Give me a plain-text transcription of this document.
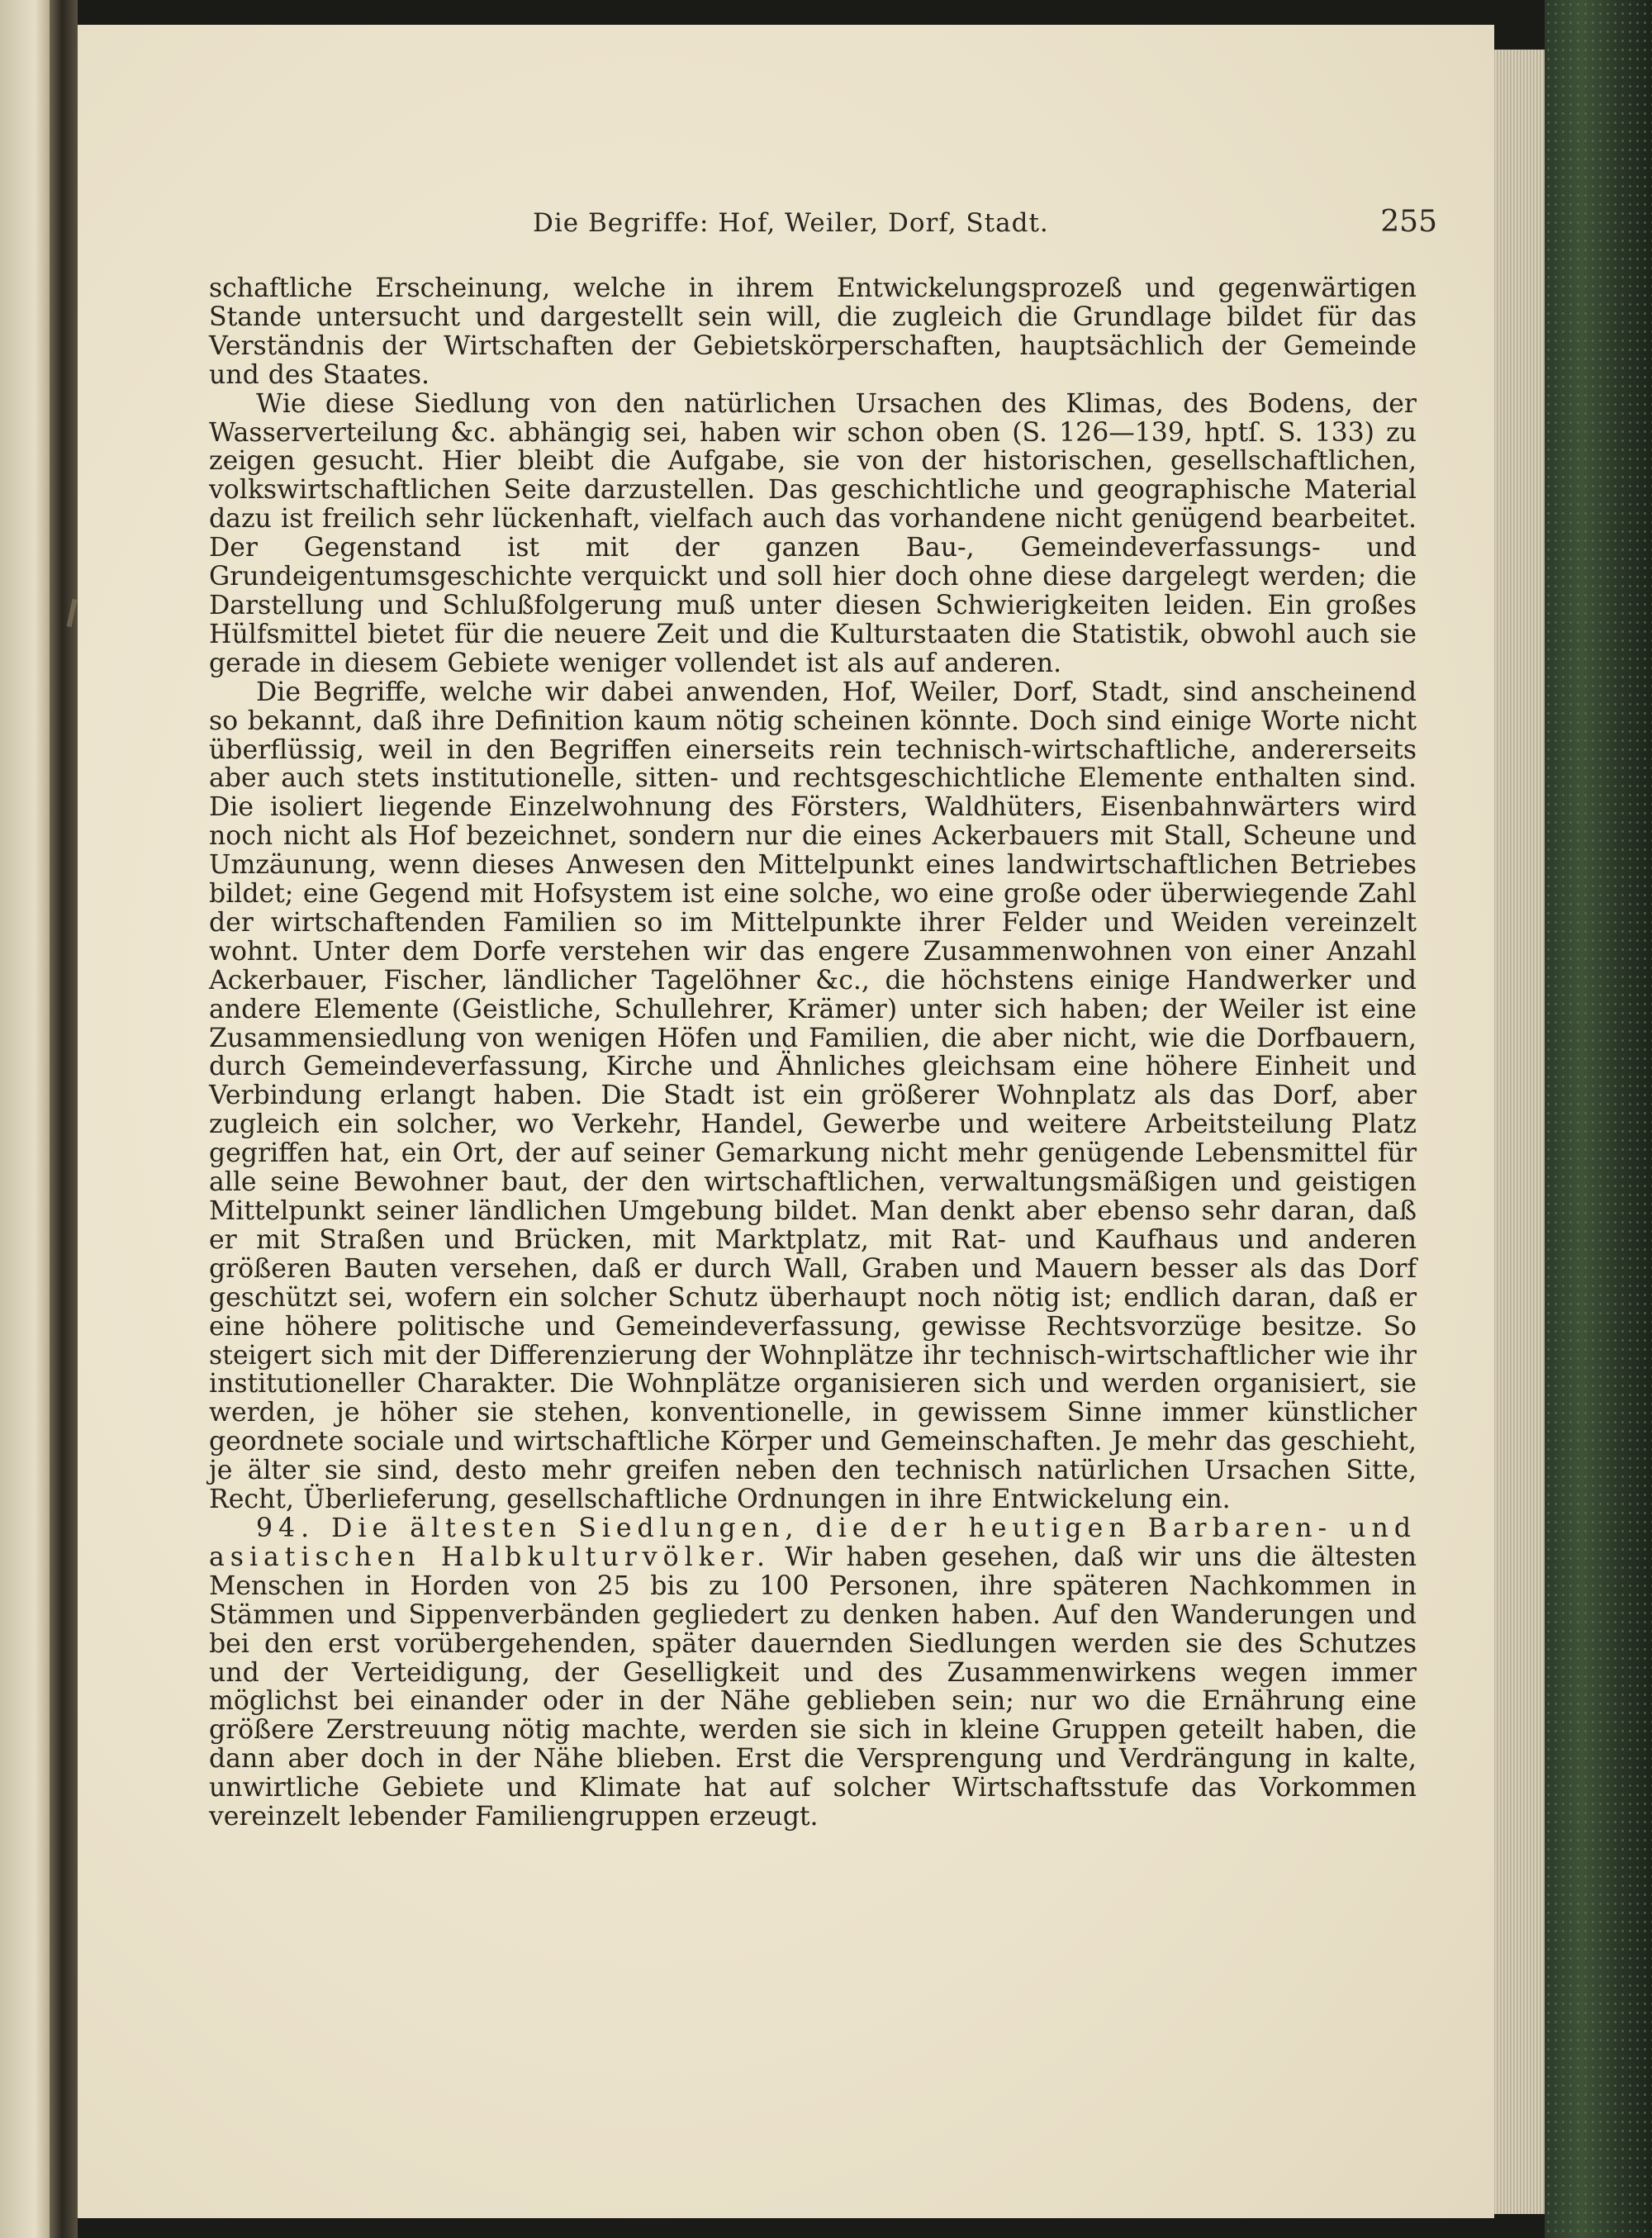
Die Begriffe: Hof, Weiler, Dorf, Stadt.	255

schaftliche Erscheinung, welche in ihrem Entwickelungsprozeß und gegenwärtigen Stande untersucht und dargestellt sein will, die zugleich die Grundlage bildet für das Verständnis der Wirtschaften der Gebietskörperschaften, hauptsächlich der Gemeinde und des Staates.

Wie diese Siedlung von den natürlichen Ursachen des Klimas, des Bodens, der Wasserverteilung &c. abhängig sei, haben wir schon oben (S. 126—139, hptſ. S. 133) zu zeigen gesucht. Hier bleibt die Aufgabe, sie von der historischen, gesellschaftlichen, volkswirtschaftlichen Seite darzustellen. Das geschichtliche und geographische Material dazu ist freilich sehr lückenhaft, vielfach auch das vorhandene nicht genügend bearbeitet. Der Gegenstand ist mit der ganzen Bau-, Gemeindeverfassungs- und Grundeigentumsgeschichte verquickt und soll hier doch ohne diese dargelegt werden; die Darstellung und Schlußfolgerung muß unter diesen Schwierigkeiten leiden. Ein großes Hülfsmittel bietet für die neuere Zeit und die Kulturstaaten die Statistik, obwohl auch sie gerade in diesem Gebiete weniger vollendet ist als auf anderen.

Die Begriffe, welche wir dabei anwenden, Hof, Weiler, Dorf, Stadt, sind anscheinend so bekannt, daß ihre Definition kaum nötig scheinen könnte. Doch sind einige Worte nicht überflüssig, weil in den Begriffen einerseits rein technisch-wirtschaftliche, andererseits aber auch stets institutionelle, sitten- und rechtsgeschichtliche Elemente enthalten sind. Die isoliert liegende Einzelwohnung des Försters, Waldhüters, Eisenbahnwärters wird noch nicht als Hof bezeichnet, sondern nur die eines Ackerbauers mit Stall, Scheune und Umzäunung, wenn dieses Anwesen den Mittelpunkt eines landwirtschaftlichen Betriebes bildet; eine Gegend mit Hofsystem ist eine solche, wo eine große oder überwiegende Zahl der wirtschaftenden Familien so im Mittelpunkte ihrer Felder und Weiden vereinzelt wohnt. Unter dem Dorfe verstehen wir das engere Zusammenwohnen von einer Anzahl Ackerbauer, Fischer, ländlicher Tagelöhner &c., die höchstens einige Handwerker und andere Elemente (Geistliche, Schullehrer, Krämer) unter sich haben; der Weiler ist eine Zusammensiedlung von wenigen Höfen und Familien, die aber nicht, wie die Dorfbauern, durch Gemeindeverfassung, Kirche und Ähnliches gleichsam eine höhere Einheit und Verbindung erlangt haben. Die Stadt ist ein größerer Wohnplatz als das Dorf, aber zugleich ein solcher, wo Verkehr, Handel, Gewerbe und weitere Arbeitsteilung Platz gegriffen hat, ein Ort, der auf seiner Gemarkung nicht mehr genügende Lebensmittel für alle seine Bewohner baut, der den wirtschaftlichen, verwaltungsmäßigen und geistigen Mittelpunkt seiner ländlichen Umgebung bildet. Man denkt aber ebenso sehr daran, daß er mit Straßen und Brücken, mit Marktplatz, mit Rat- und Kaufhaus und anderen größeren Bauten versehen, daß er durch Wall, Graben und Mauern besser als das Dorf geschützt sei, wofern ein solcher Schutz überhaupt noch nötig ist; endlich daran, daß er eine höhere politische und Gemeindeverfassung, gewisse Rechtsvorzüge besitze. So steigert sich mit der Differenzierung der Wohnplätze ihr technisch-wirtschaftlicher wie ihr institutioneller Charakter. Die Wohnplätze organisieren sich und werden organisiert, sie werden, je höher sie stehen, konventionelle, in gewissem Sinne immer künstlicher geordnete sociale und wirtschaftliche Körper und Gemeinschaften. Je mehr das geschieht, je älter sie sind, desto mehr greifen neben den technisch natürlichen Ursachen Sitte, Recht, Überlieferung, gesellschaftliche Ordnungen in ihre Entwickelung ein.

94. Die ältesten Siedlungen, die der heutigen Barbaren- und asiatischen Halbkulturvölker. Wir haben gesehen, daß wir uns die ältesten Menschen in Horden von 25 bis zu 100 Personen, ihre späteren Nachkommen in Stämmen und Sippenverbänden gegliedert zu denken haben. Auf den Wanderungen und bei den erst vorübergehenden, später dauernden Siedlungen werden sie des Schutzes und der Verteidigung, der Geselligkeit und des Zusammenwirkens wegen immer möglichst bei einander oder in der Nähe geblieben sein; nur wo die Ernährung eine größere Zerstreuung nötig machte, werden sie sich in kleine Gruppen geteilt haben, die dann aber doch in der Nähe blieben. Erst die Versprengung und Verdrängung in kalte, unwirtliche Gebiete und Klimate hat auf solcher Wirtschaftsstufe das Vorkommen vereinzelt lebender Familiengruppen erzeugt.
